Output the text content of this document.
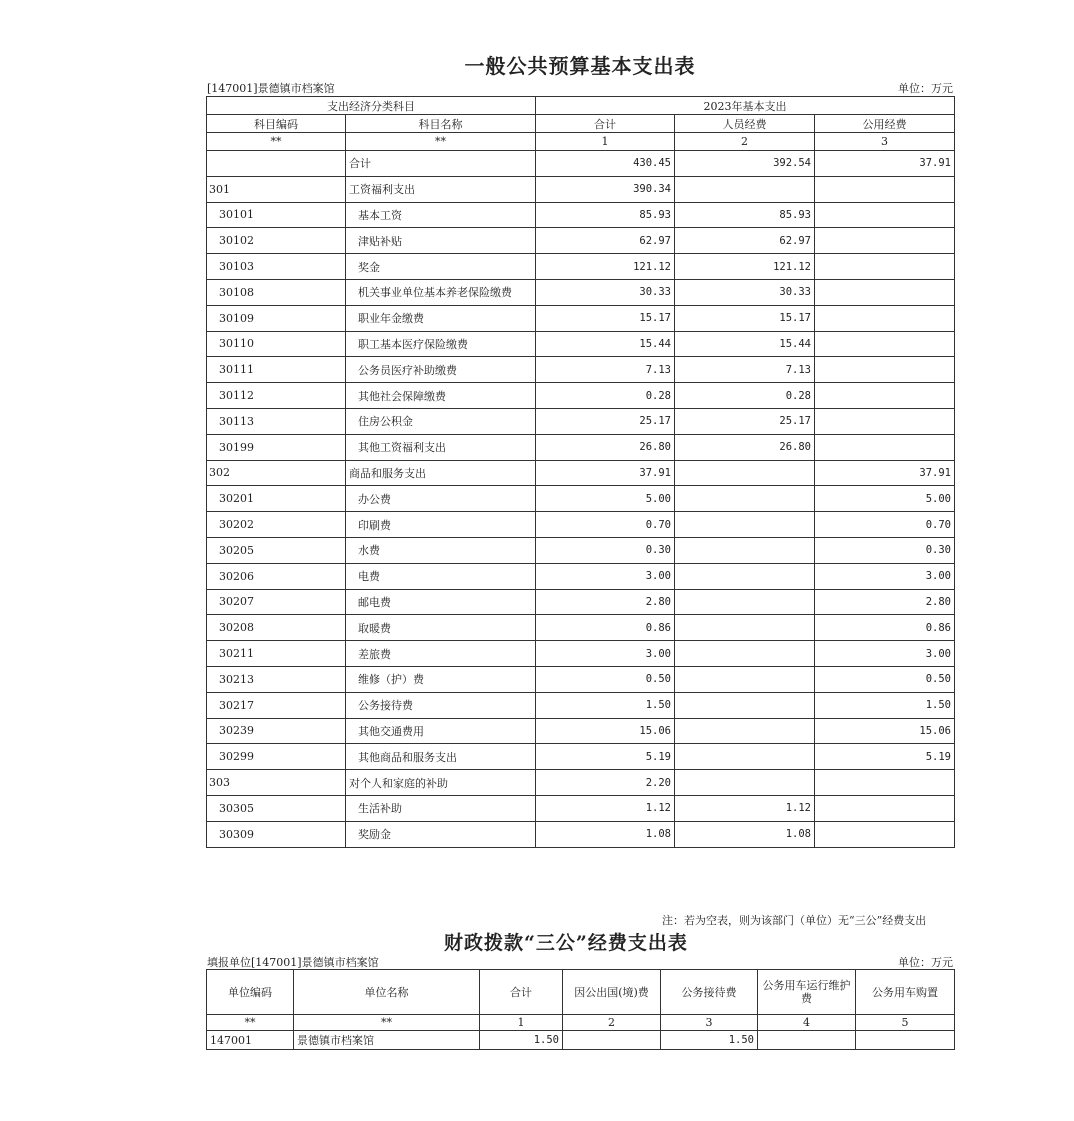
一般公共预算基本支出表
[147001]景德镇市档案馆	单位：万元
支出经济分类科目		2023年基本支出		
科目编码	科目名称	合计	人员经费	公用经费
**	**	1	2	3
	合计	430.45	392.54	37.91
301	工资福利支出	390.34		
30101	基本工资	85.93	85.93	
30102	津贴补贴	62.97	62.97	
30103	奖金	121.12	121.12	
30108	机关事业单位基本养老保险缴费	30.33	30.33	
30109	职业年金缴费	15.17	15.17	
30110	职工基本医疗保险缴费	15.44	15.44	
30111	公务员医疗补助缴费	7.13	7.13	
30112	其他社会保障缴费	0.28	0.28	
30113	住房公积金	25.17	25.17	
30199	其他工资福利支出	26.80	26.80	
302	商品和服务支出	37.91		37.91
30201	办公费	5.00		5.00
30202	印刷费	0.70		0.70
30205	水费	0.30		0.30
30206	电费	3.00		3.00
30207	邮电费	2.80		2.80
30208	取暖费	0.86		0.86
30211	差旅费	3.00		3.00
30213	维修（护）费	0.50		0.50
30217	公务接待费	1.50		1.50
30239	其他交通费用	15.06		15.06
30299	其他商品和服务支出	5.19		5.19
303	对个人和家庭的补助	2.20		
30305	生活补助	1.12	1.12	
30309	奖励金	1.08	1.08	
注：若为空表，则为该部门（单位）无“三公”经费支出
财政拨款“三公”经费支出表
填报单位[147001]景德镇市档案馆	单位：万元
单位编码	单位名称	合计	因公出国(境)费	公务接待费	公务用车运行维护费	公务用车购置
**	**	1	2	3	4	5
147001	景德镇市档案馆	1.50		1.50		
